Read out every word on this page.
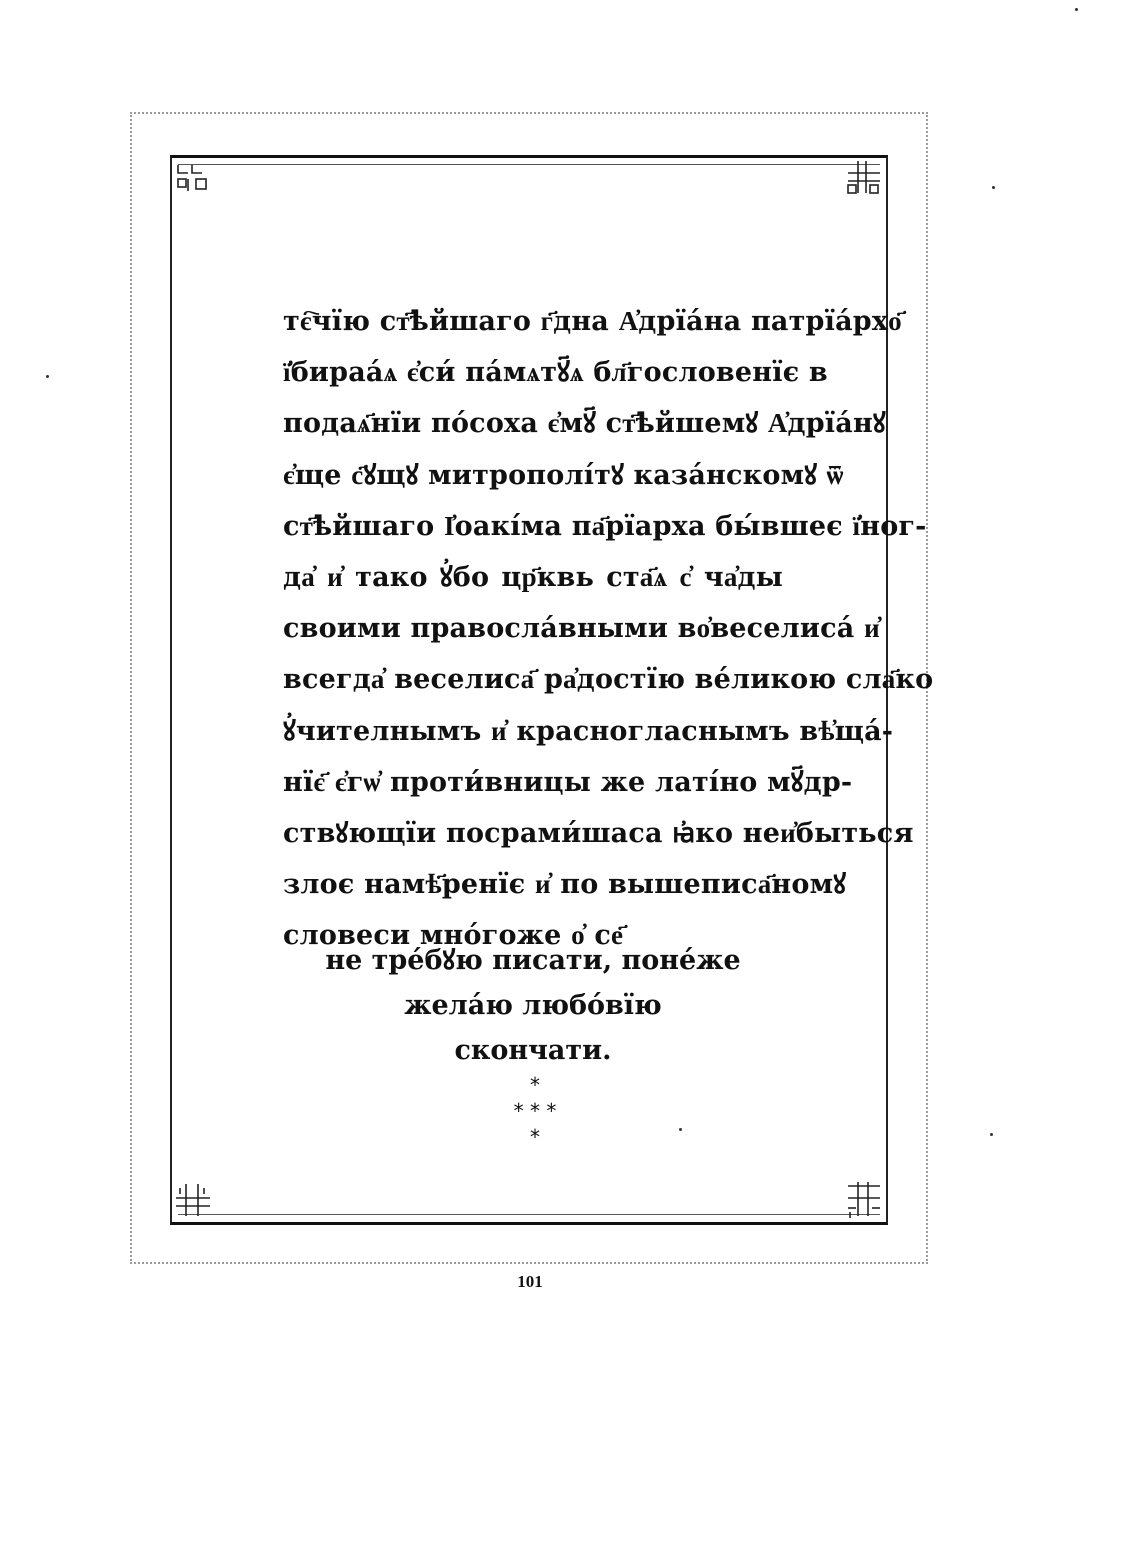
тє҇чїю ст҃ѣйшаго г҃дна А҆дрїа́на патрїа́рхо҃
ї҆бираа́ѧ є҆си́ па́мѧтꙋ҃ѧ бл҃гословенїє в
подаѧ҃нїи по́соха є҆мꙋ҃ ст҃ѣйшемꙋ А҆дрїа́нꙋ
є҆ще с҃ꙋщꙋ митрополі́тꙋ каза́нскомꙋ ѿ
ст҃ѣйшаго І҆оакі́ма па҃рїарха бы́вшеє ї҆ног-
да҆ и҆ тако ꙋ҆бо цр҃квь ста҃ѧ с҆ ча҆ды
своими правосла́вными во҆веселиса́ и҆
всегда҆ веселиса҃ ра҆достїю ве́ликою сла҃ко
ꙋ҆чителнымъ и҆ красногласнымъ вѣ҆ща́-
нїє҃ є҆гѡ҆ проти́вницы же латі́но мꙋ҃др-
ствꙋющїи посрами́шаса ꙗ҆ко неи҆быться
злоє намѣ҃ренїє и҆ по вышеписа҃номꙋ
словеси мно́гоже о҆ се҃
не тре́бꙋю писати, поне́же
жела́ю любо́вїю
скончати.
*
* * *
*
101
